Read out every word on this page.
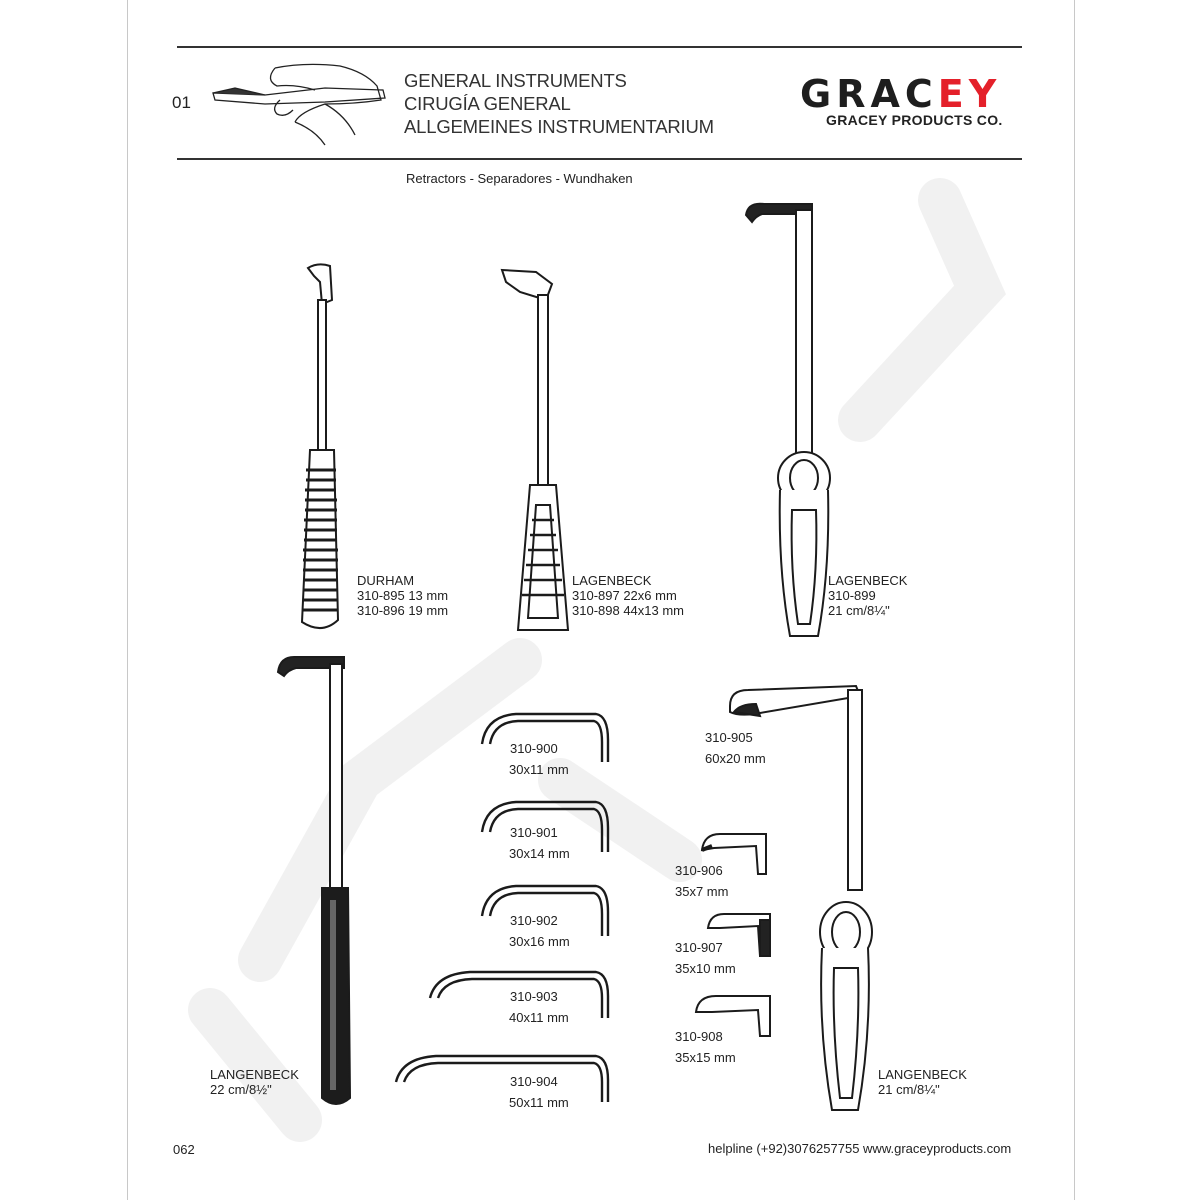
01
GENERAL INSTRUMENTS
CIRUGÍA GENERAL
ALLGEMEINES INSTRUMENTARIUM
GRACEY
GRACEY PRODUCTS CO.
Retractors - Separadores - Wundhaken
DURHAM
310-895 13 mm
310-896 19 mm
LAGENBECK
310-897 22x6 mm
310-898 44x13 mm
LAGENBECK
310-899
21 cm/8¼"
LANGENBECK
22 cm/8½"
LANGENBECK
21 cm/8¼"
310-900
30x11 mm
310-901
30x14 mm
310-902
30x16 mm
310-903
40x11 mm
310-904
50x11 mm
310-905
60x20 mm
310-906
35x7 mm
310-907
35x10 mm
310-908
35x15 mm
062	helpline (+92)3076257755 www.graceyproducts.com
